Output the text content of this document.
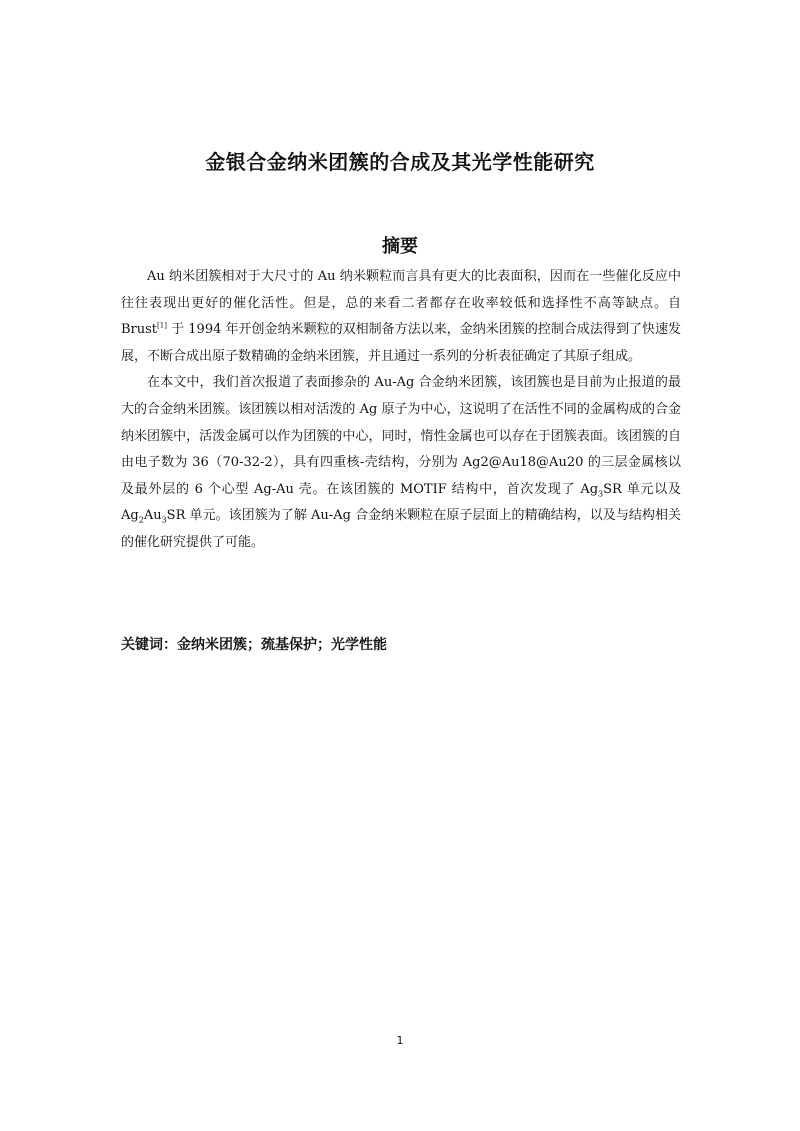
金银合金纳米团簇的合成及其光学性能研究
摘要

Au 纳米团簇相对于大尺寸的 Au 纳米颗粒而言具有更大的比表面积，因而在一些催化反应中往往表现出更好的催化活性。但是，总的来看二者都存在收率较低和选择性不高等缺点。自 Brust[1] 于 1994 年开创金纳米颗粒的双相制备方法以来，金纳米团簇的控制合成法得到了快速发展，不断合成出原子数精确的金纳米团簇，并且通过一系列的分析表征确定了其原子组成。

在本文中，我们首次报道了表面掺杂的 Au-Ag 合金纳米团簇，该团簇也是目前为止报道的最大的合金纳米团簇。该团簇以相对活泼的 Ag 原子为中心，这说明了在活性不同的金属构成的合金纳米团簇中，活泼金属可以作为团簇的中心，同时，惰性金属也可以存在于团簇表面。该团簇的自由电子数为 36（70-32-2），具有四重核-壳结构，分别为 Ag2@Au18@Au20 的三层金属核以及最外层的 6 个心型 Ag-Au 壳。在该团簇的 MOTIF 结构中，首次发现了 $Ag_3SR$ 单元以及 $Ag_2Au_3SR$ 单元。该团簇为了解 Au-Ag 合金纳米颗粒在原子层面上的精确结构，以及与结构相关的催化研究提供了可能。

关键词：金纳米团簇；巯基保护；光学性能
1
